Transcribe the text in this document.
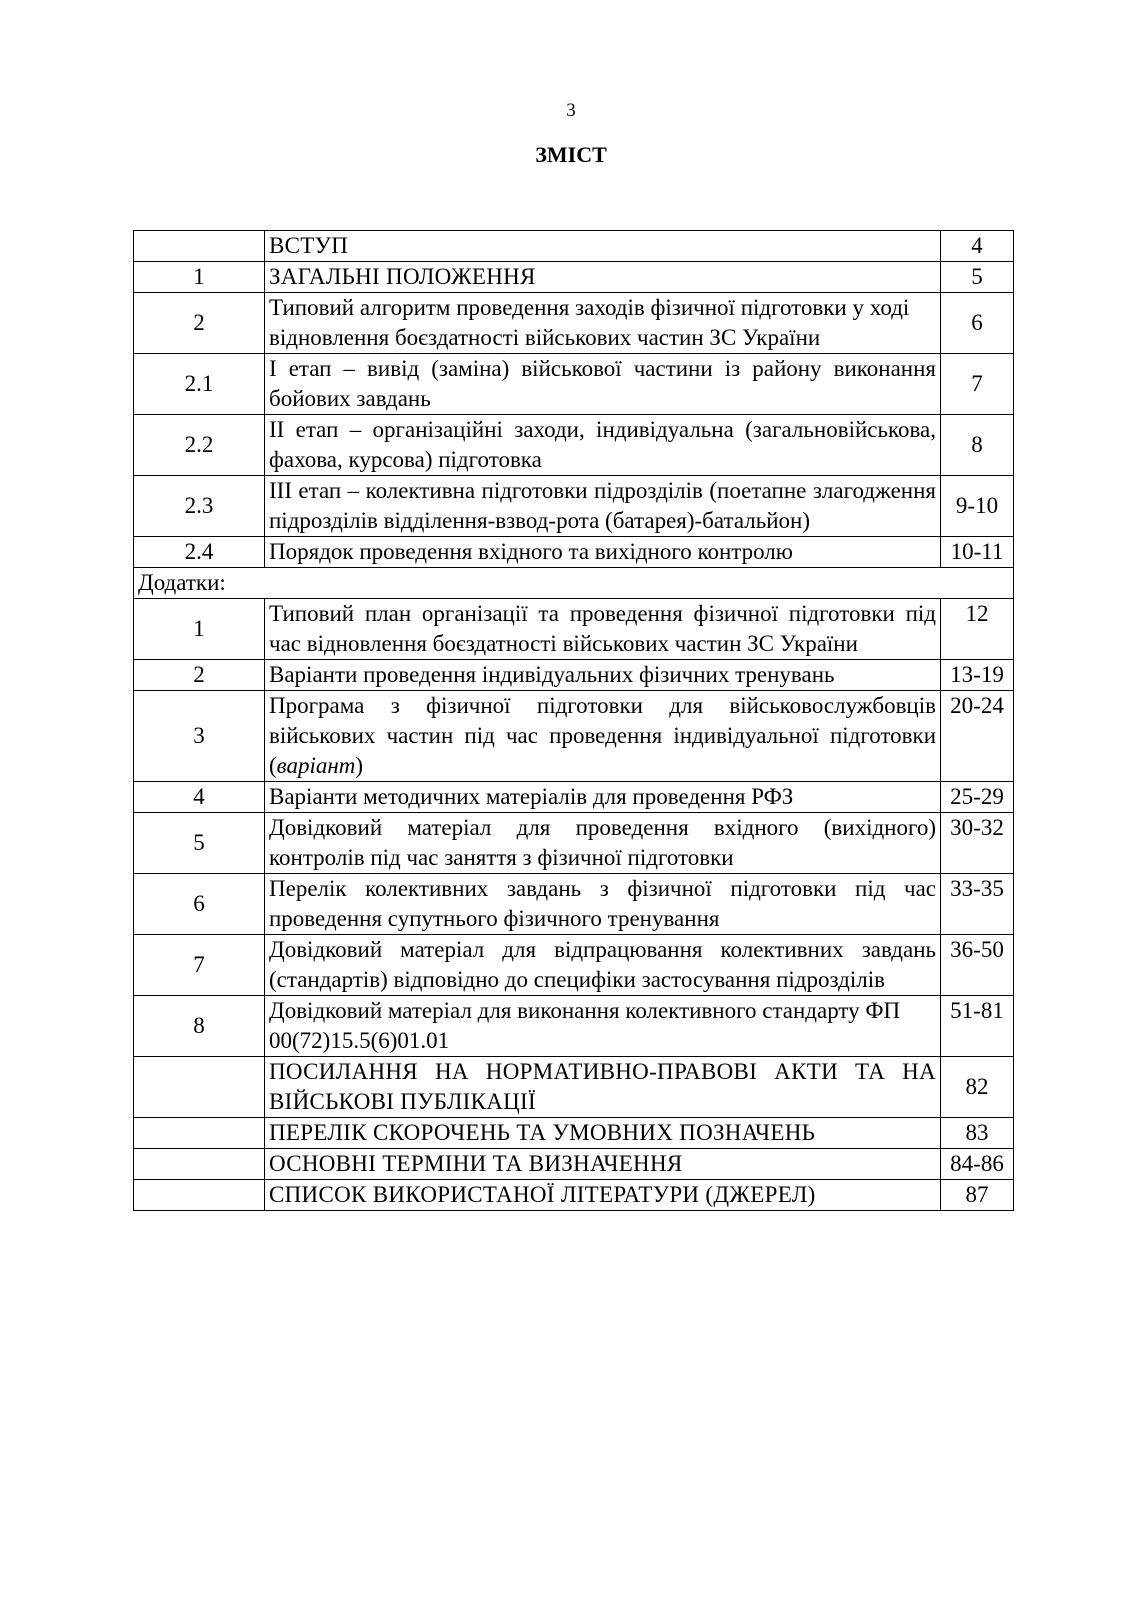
3
ЗМІСТ
	ВСТУП	4
1	ЗАГАЛЬНІ ПОЛОЖЕННЯ	5
2	Типовий алгоритм проведення заходів фізичної підготовки у ході відновлення боєздатності військових частин ЗС України	6
2.1	І етап – вивід (заміна) військової частини із району виконання бойових завдань	7
2.2	ІІ етап – організаційні заходи, індивідуальна (загальновійськова, фахова, курсова) підготовка	8
2.3	ІІІ етап – колективна підготовки підрозділів (поетапне злагодження підрозділів відділення-взвод-рота (батарея)-батальйон)	9-10
2.4	Порядок проведення вхідного та вихідного контролю	10-11
Додатки:		
1	Типовий план організації та проведення фізичної підготовки під час відновлення боєздатності військових частин ЗС України	12
2	Варіанти проведення індивідуальних фізичних тренувань	13-19
3	Програма з фізичної підготовки для військовослужбовців військових частин під час проведення індивідуальної підготовки (варіант)	20-24
4	Варіанти методичних матеріалів для проведення РФЗ	25-29
5	Довідковий матеріал для проведення вхідного (вихідного) контролів під час заняття з фізичної підготовки	30-32
6	Перелік колективних завдань з фізичної підготовки під час проведення супутнього фізичного тренування	33-35
7	Довідковий матеріал для відпрацювання колективних завдань (стандартів) відповідно до специфіки застосування підрозділів	36-50
8	Довідковий матеріал для виконання колективного стандарту ФП 00(72)15.5(6)01.01	51-81
	ПОСИЛАННЯ НА НОРМАТИВНО-ПРАВОВІ АКТИ ТА НА ВІЙСЬКОВІ ПУБЛІКАЦІЇ	82
	ПЕРЕЛІК СКОРОЧЕНЬ ТА УМОВНИХ ПОЗНАЧЕНЬ	83
	ОСНОВНІ ТЕРМІНИ ТА ВИЗНАЧЕННЯ	84-86
	СПИСОК ВИКОРИСТАНОЇ ЛІТЕРАТУРИ (ДЖЕРЕЛ)	87
